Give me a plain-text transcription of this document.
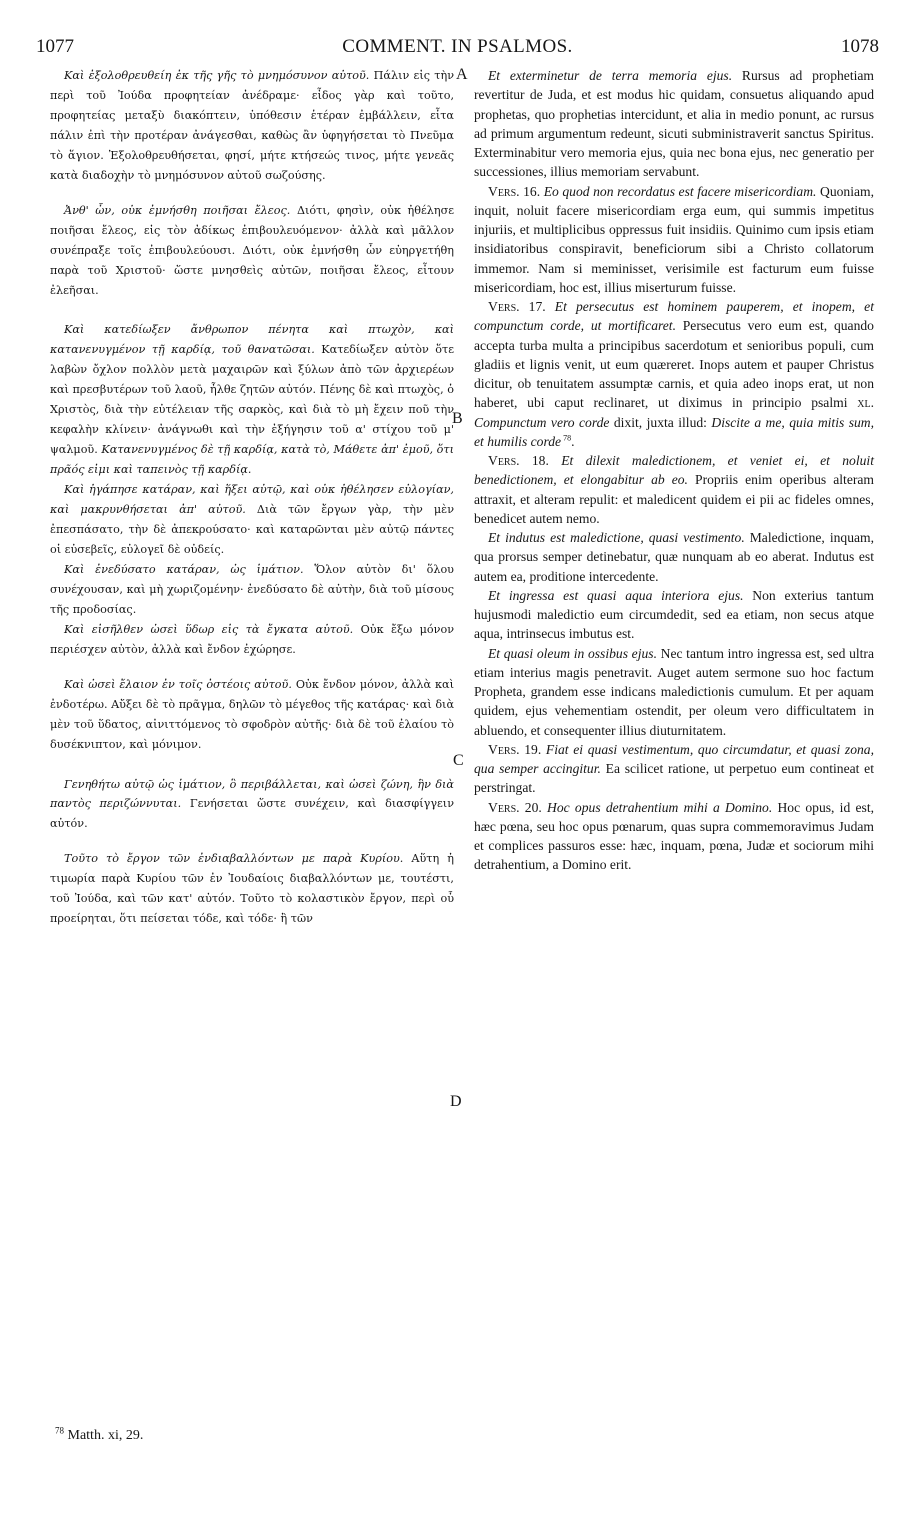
1077	COMMENT. IN PSALMOS.	1078

Καὶ ἐξολοθρευθείη ἐκ τῆς γῆς τὸ μνημόσυνον αὐτοῦ. Πάλιν εἰς τὴν περὶ τοῦ Ἰούδα προφητείαν ἀνέδραμε· εἶδος γὰρ καὶ τοῦτο, προφητείας μεταξὺ διακόπτειν, ὑπόθεσιν ἑτέραν ἐμβάλλειν, εἶτα πάλιν ἐπὶ τὴν προτέραν ἀνάγεσθαι, καθὼς ἂν ὑφηγήσεται τὸ Πνεῦμα τὸ ἅγιον. Ἐξολοθρευθήσεται, φησί, μήτε κτήσεώς τινος, μήτε γενεᾶς κατὰ διαδοχὴν τὸ μνημόσυνον αὐτοῦ σωζούσης.

Ἀνθ' ὧν, οὐκ ἐμνήσθη ποιῆσαι ἔλεος. Διότι, φησὶν, οὐκ ἠθέλησε ποιῆσαι ἔλεος, εἰς τὸν ἀδίκως ἐπιβουλευόμενον· ἀλλὰ καὶ μᾶλλον συνέπραξε τοῖς ἐπιβουλεύουσι. Διότι, οὐκ ἐμνήσθη ὧν εὐηργετήθη παρὰ τοῦ Χριστοῦ· ὥστε μνησθεὶς αὐτῶν, ποιῆσαι ἔλεος, εἶτουν ἐλεῆσαι.

Καὶ κατεδίωξεν ἄνθρωπον πένητα καὶ πτωχὸν, καὶ κατανενυγμένον τῇ καρδίᾳ, τοῦ θανατῶσαι. Κατεδίωξεν αὐτὸν ὅτε λαβὼν ὄχλον πολλὸν μετὰ μαχαιρῶν καὶ ξύλων ἀπὸ τῶν ἀρχιερέων καὶ πρεσβυτέρων τοῦ λαοῦ, ἦλθε ζητῶν αὐτόν. Πένης δὲ καὶ πτωχὸς, ὁ Χριστὸς, διὰ τὴν εὐτέλειαν τῆς σαρκὸς, καὶ διὰ τὸ μὴ ἔχειν ποῦ τὴν κεφαλὴν κλίνειν· ἀνάγνωθι καὶ τὴν ἐξήγησιν τοῦ α' στίχου τοῦ μ' ψαλμοῦ. Κατανενυγμένος δὲ τῇ καρδίᾳ, κατὰ τὸ, Μάθετε ἀπ' ἐμοῦ, ὅτι πρᾶός εἰμι καὶ ταπεινὸς τῇ καρδίᾳ.

Καὶ ἠγάπησε κατάραν, καὶ ἥξει αὐτῷ, καὶ οὐκ ἠθέλησεν εὐλογίαν, καὶ μακρυνθήσεται ἀπ' αὐτοῦ. Διὰ τῶν ἔργων γὰρ, τὴν μὲν ἐπεσπάσατο, τὴν δὲ ἀπεκρούσατο· καὶ καταρῶνται μὲν αὐτῷ πάντες οἱ εὐσεβεῖς, εὐλογεῖ δὲ οὐδείς.

Καὶ ἐνεδύσατο κατάραν, ὡς ἱμάτιον. Ὅλον αὐτὸν δι' ὅλου συνέχουσαν, καὶ μὴ χωριζομένην· ἐνεδύσατο δὲ αὐτὴν, διὰ τοῦ μίσους τῆς προδοσίας.

Καὶ εἰσῆλθεν ὡσεὶ ὕδωρ εἰς τὰ ἔγκατα αὐτοῦ. Οὐκ ἔξω μόνον περιέσχεν αὐτὸν, ἀλλὰ καὶ ἔνδον ἐχώρησε.

Καὶ ὡσεὶ ἔλαιον ἐν τοῖς ὀστέοις αὐτοῦ. Οὐκ ἔνδον μόνον, ἀλλὰ καὶ ἐνδοτέρω. Αὔξει δὲ τὸ πρᾶγμα, δηλῶν τὸ μέγεθος τῆς κατάρας· καὶ διὰ μὲν τοῦ ὕδατος, αἰνιττόμενος τὸ σφοδρὸν αὐτῆς· διὰ δὲ τοῦ ἐλαίου τὸ δυσέκνιπτον, καὶ μόνιμον.

Γενηθήτω αὐτῷ ὡς ἱμάτιον, ὃ περιβάλλεται, καὶ ὡσεὶ ζώνη, ἣν διὰ παντὸς περιζώννυται. Γενήσεται ὥστε συνέχειν, καὶ διασφίγγειν αὐτόν.

Τοῦτο τὸ ἔργον τῶν ἐνδιαβαλλόντων με παρὰ Κυρίου. Αὕτη ἡ τιμωρία παρὰ Κυρίου τῶν ἐν Ἰουδαίοις διαβαλλόντων με, τουτέστι, τοῦ Ἰούδα, καὶ τῶν κατ' αὐτόν. Τοῦτο τὸ κολαστικὸν ἔργον, περὶ οὗ προείρηται, ὅτι πείσεται τόδε, καὶ τόδε· ἢ τῶν

Et exterminetur de terra memoria ejus. Rursus ad prophetiam revertitur de Juda, et est modus hic quidam, consuetus aliquando apud prophetas, quo prophetias intercidunt, et alia in medio ponunt, ac rursus ad primum argumentum redeunt, sicuti subministraverit sanctus Spiritus. Exterminabitur vero memoria ejus, quia nec bona ejus, nec generatio per successiones, illius memoriam servabunt.

Vers. 16. Eo quod non recordatus est facere misericordiam. Quoniam, inquit, noluit facere misericordiam erga eum, qui summis impetitus injuriis, et multiplicibus oppressus fuit insidiis. Quinimo cum ipsis etiam insidiatoribus conspiravit, beneficiorum sibi a Christo collatorum immemor. Nam si meminisset, verisimile est facturum eum fuisse misericordiam, hoc est, illius miserturum fuisse.

Vers. 17. Et persecutus est hominem pauperem, et inopem, et compunctum corde, ut mortificaret. Persecutus vero eum est, quando accepta turba multa a principibus sacerdotum et senioribus populi, cum gladiis et lignis venit, ut eum quæreret. Inops autem et pauper Christus dicitur, ob tenuitatem assumptæ carnis, et quia adeo inops erat, ut non haberet, ubi caput reclinaret, ut diximus in principio psalmi xl. Compunctum vero corde dixit, juxta illud: Discite a me, quia mitis sum, et humilis corde $^{78}$.

Vers. 18. Et dilexit maledictionem, et veniet ei, et noluit benedictionem, et elongabitur ab eo. Propriis enim operibus alteram attraxit, et alteram repulit: et maledicent quidem ei pii ac fideles omnes, benedicet autem nemo.

Et indutus est maledictione, quasi vestimento. Maledictione, inquam, qua prorsus semper detinebatur, quæ nunquam ab eo aberat. Indutus est autem ea, proditione intercedente.

Et ingressa est quasi aqua interiora ejus. Non exterius tantum hujusmodi maledictio eum circumdedit, sed ea etiam, non secus atque aqua, intrinsecus imbutus est.

Et quasi oleum in ossibus ejus. Nec tantum intro ingressa est, sed ultra etiam interius magis penetravit. Auget autem sermone suo hoc factum Propheta, grandem esse indicans maledictionis cumulum. Et per aquam quidem, ejus vehementiam ostendit, per oleum vero difficultatem in abluendo, et consequenter illius diuturnitatem.

Vers. 19. Fiat ei quasi vestimentum, quo circumdatur, et quasi zona, qua semper accingitur. Ea scilicet ratione, ut perpetuo eum contineat et perstringat.

Vers. 20. Hoc opus detrahentium mihi a Domino. Hoc opus, id est, hæc pœna, seu hoc opus pœnarum, quas supra commemoravimus Judam et complices passuros esse: hæc, inquam, pœna, Judæ et sociorum mihi detrahentium, a Domino erit.

A
B
C
D
$^{78}$ Matth. xi, 29.
